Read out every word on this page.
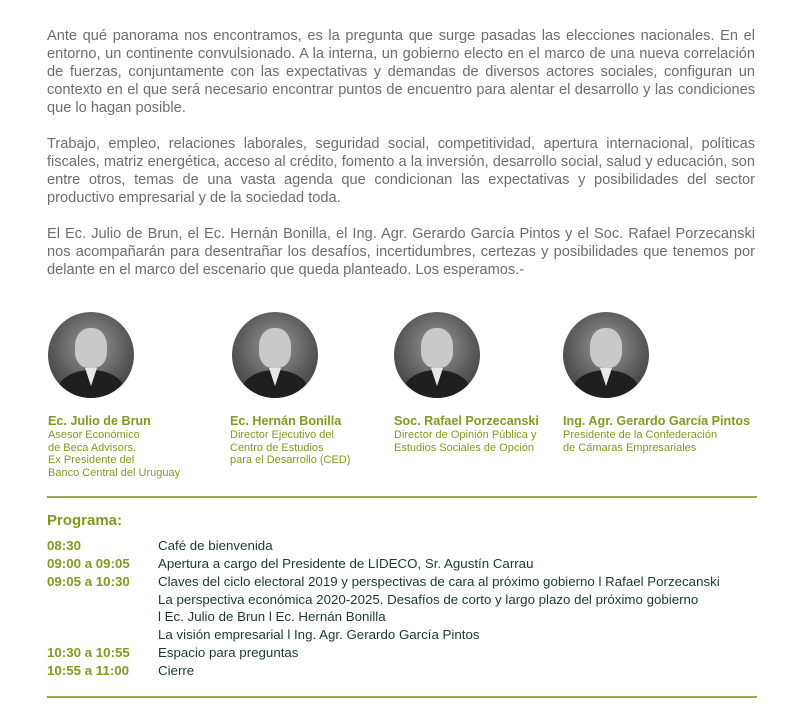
Ante qué panorama nos encontramos, es la pregunta que surge pasadas las elecciones nacionales. En el entorno, un continente convulsionado. A la interna, un gobierno electo en el marco de una nueva correlación de fuerzas, conjuntamente con las expectativas y demandas de diversos actores sociales, configuran un contexto en el que será necesario encontrar puntos de encuentro para alentar el desarrollo y las condiciones que lo hagan posible.

Trabajo, empleo, relaciones laborales, seguridad social, competitividad, apertura internacional, políticas fiscales, matriz energética, acceso al crédito, fomento a la inversión, desarrollo social, salud y educación, son entre otros, temas de una vasta agenda que condicionan las expectativas y posibilidades del sector productivo empresarial y de la sociedad toda.

El Ec. Julio de Brun, el Ec. Hernán Bonilla, el Ing. Agr. Gerardo García Pintos y el Soc. Rafael Porzecanski nos acompañarán para desentrañar los desafíos, incertidumbres, certezas y posibilidades que tenemos por delante en el marco del escenario que queda planteado. Los esperamos.-

Ec. Julio de Brun
Asesor Económico
de Beca Advisors.
Ex Presidente del
Banco Central del Uruguay
Ec. Hernán Bonilla
Director Ejecutivo del
Centro de Estudios
para el Desarrollo (CED)
Soc. Rafael Porzecanski
Director de Opinión Pública y
Estudios Sociales de Opción
Ing. Agr. Gerardo García Pintos
Presidente de la Confederación
de Cámaras Empresariales
Programa:
08:30	Café de bienvenida
09:00 a 09:05 Apertura a cargo del Presidente de LIDECO, Sr. Agustín Carrau
09:05 a 10:30 Claves del ciclo electoral 2019 y perspectivas de cara al próximo gobierno l Rafael Porzecanski
La perspectiva económica 2020-2025. Desafíos de corto y largo plazo del próximo gobierno
l Ec. Julio de Brun l Ec. Hernán Bonilla
La visión empresarial l Ing. Agr. Gerardo García Pintos
10:30 a 10:55 Espacio para preguntas
10:55 a 11:00 Cierre
